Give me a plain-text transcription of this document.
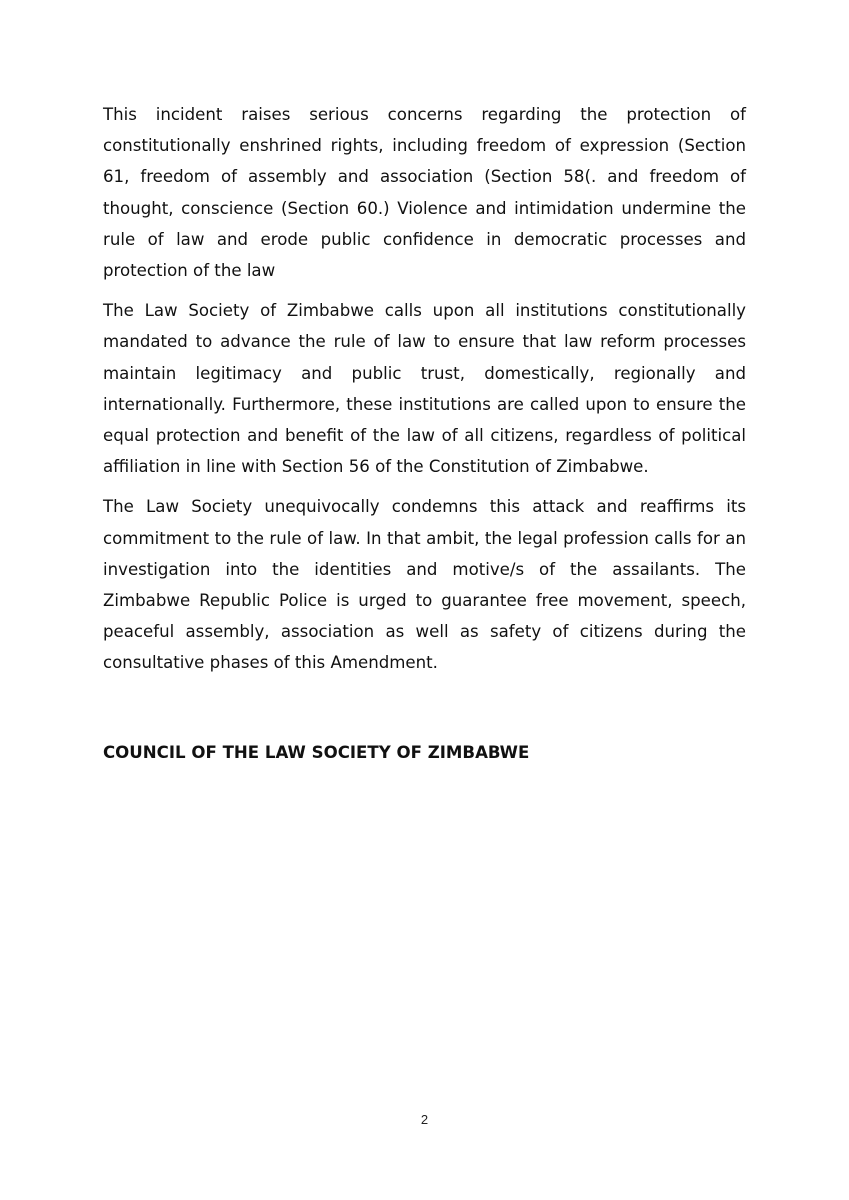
This incident raises serious concerns regarding the protection of constitutionally enshrined rights, including freedom of expression (Section 61, freedom of assembly and association (Section 58(. and freedom of thought, conscience (Section 60.) Violence and intimidation undermine the rule of law and erode public confidence in democratic processes and protection of the law

The Law Society of Zimbabwe calls upon all institutions constitutionally mandated to advance the rule of law to ensure that law reform processes maintain legitimacy and public trust, domestically, regionally and internationally. Furthermore, these institutions are called upon to ensure the equal protection and benefit of the law of all citizens, regardless of political affiliation in line with Section 56 of the Constitution of Zimbabwe.

The Law Society unequivocally condemns this attack and reaffirms its commitment to the rule of law. In that ambit, the legal profession calls for an investigation into the identities and motive/s of the assailants. The Zimbabwe Republic Police is urged to guarantee free movement, speech, peaceful assembly, association as well as safety of citizens during the consultative phases of this Amendment.

COUNCIL OF THE LAW SOCIETY OF ZIMBABWE

2
